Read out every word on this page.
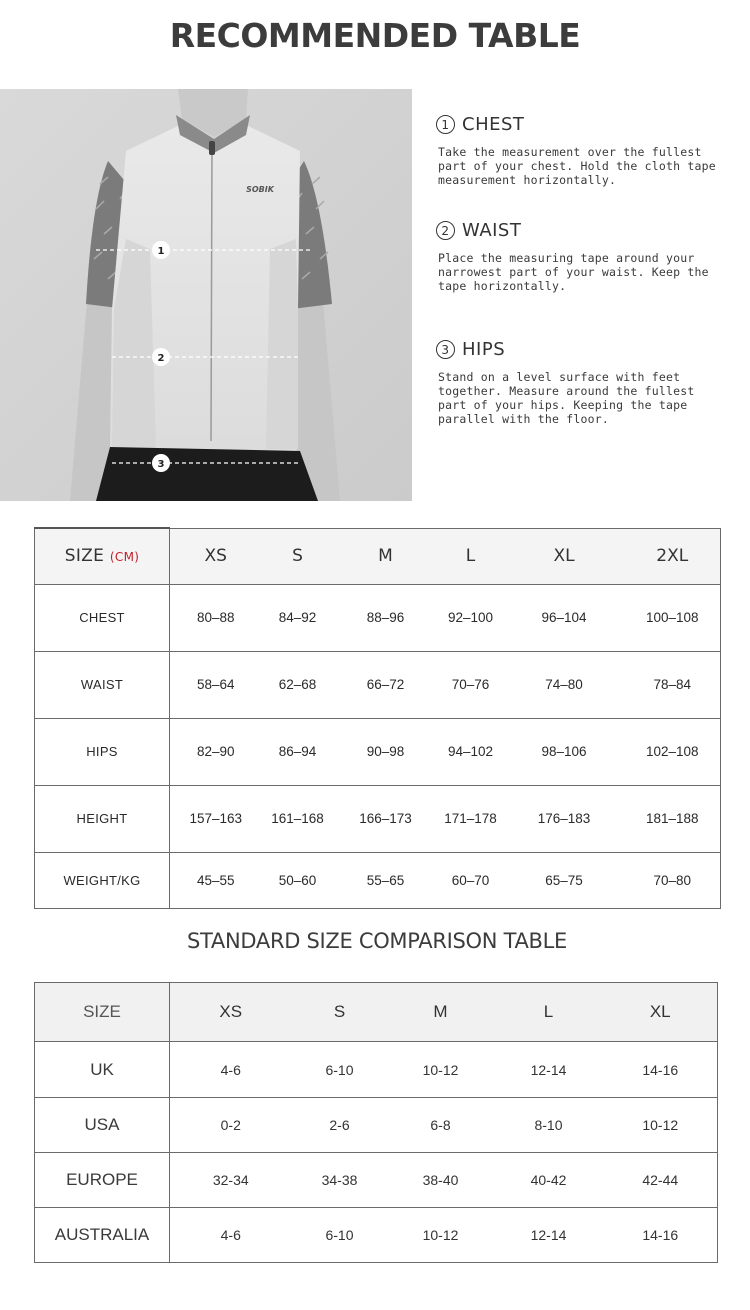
RECOMMENDED TABLE
SOBIK
1
2
3
1 CHEST
Take the measurement over the fullest
part of your chest. Hold the cloth tape
measurement horizontally.
2 WAIST
Place the measuring tape around your
narrowest part of your waist. Keep the
tape horizontally.
3 HIPS
Stand on a level surface with feet
together. Measure around the fullest
part of your hips. Keeping the tape
parallel with the floor.
SIZE (CM)	XS	S	M	L	XL	2XL
CHEST	80–88	84–92	88–96	92–100	96–104	100–108
WAIST	58–64	62–68	66–72	70–76	74–80	78–84
HIPS	82–90	86–94	90–98	94–102	98–106	102–108
HEIGHT	157–163	161–168	166–173	171–178	176–183	181–188
WEIGHT/KG	45–55	50–60	55–65	60–70	65–75	70–80
STANDARD SIZE COMPARISON TABLE
SIZE	XS	S	M	L	XL
UK	4-6	6-10	10-12	12-14	14-16
USA	0-2	2-6	6-8	8-10	10-12
EUROPE	32-34	34-38	38-40	40-42	42-44
AUSTRALIA	4-6	6-10	10-12	12-14	14-16
